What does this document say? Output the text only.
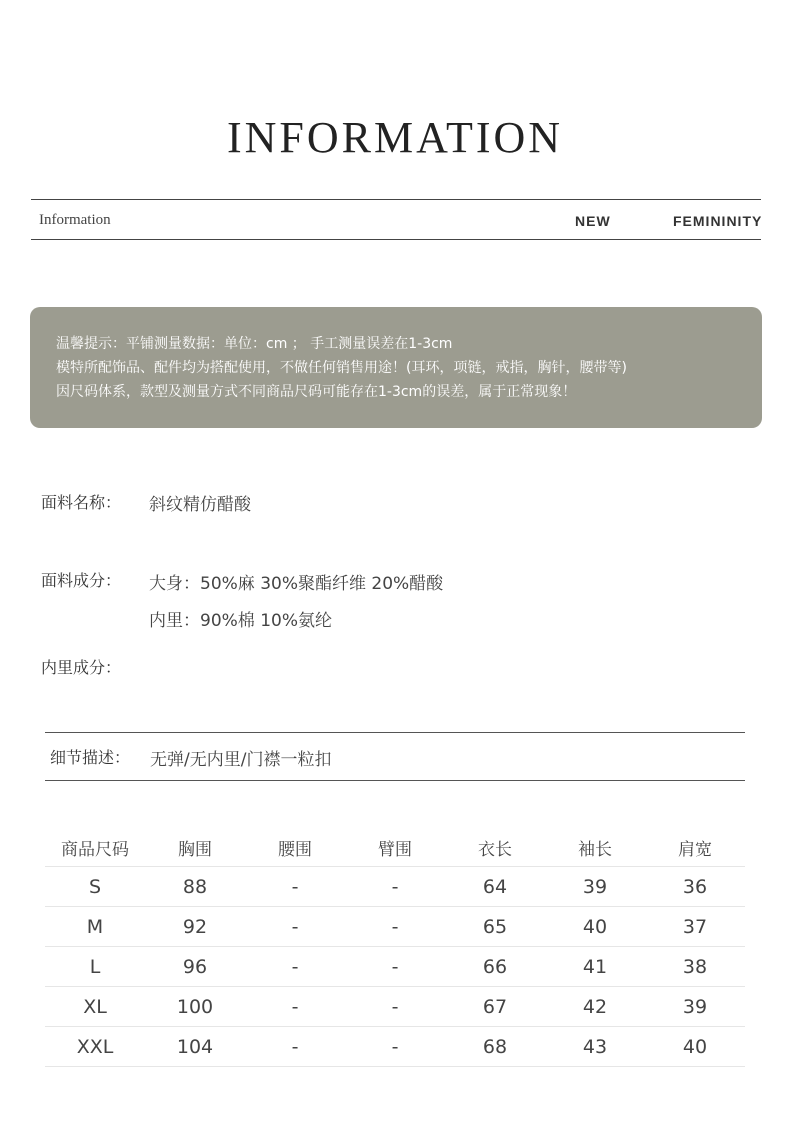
INFORMATION
Information	NEW	FEMININITY
温馨提示：平铺测量数据：单位：cm ； 手工测量误差在1-3cm
模特所配饰品、配件均为搭配使用，不做任何销售用途！(耳环，项链，戒指，胸针，腰带等)
因尺码体系，款型及测量方式不同商品尺码可能存在1-3cm的误差，属于正常现象！
面料名称： 斜纹精仿醋酸
面料成分： 大身：50%麻 30%聚酯纤维 20%醋酸
内里：90%棉 10%氨纶
内里成分：
细节描述： 无弹/无内里/门襟一粒扣
商品尺码	胸围	腰围	臂围	衣长	袖长	肩宽
S	88	-	-	64	39	36
M	92	-	-	65	40	37
L	96	-	-	66	41	38
XL	100	-	-	67	42	39
XXL	104	-	-	68	43	40
